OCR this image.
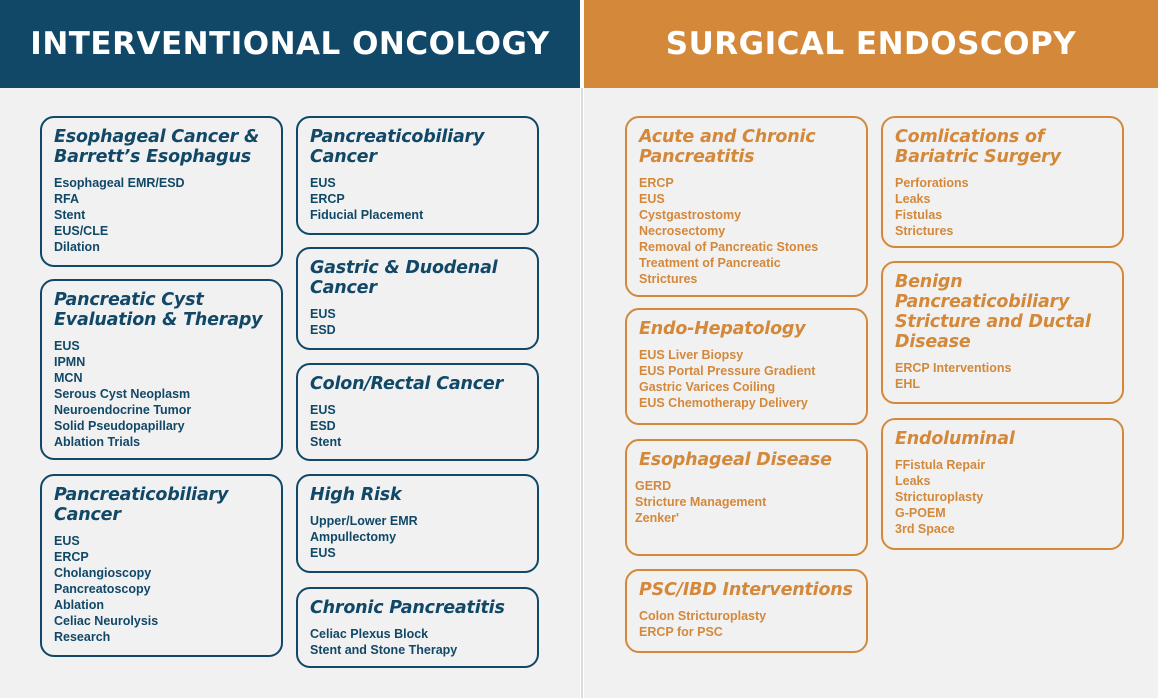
INTERVENTIONAL ONCOLOGY	SURGICAL ENDOSCOPY
Esophageal Cancer & Barrett’s Esophagus
Esophageal EMR/ESD
RFA
Stent
EUS/CLE
Dilation
Pancreatic Cyst Evaluation & Therapy
EUS
IPMN
MCN
Serous Cyst Neoplasm
Neuroendocrine Tumor
Solid Pseudopapillary
Ablation Trials
Pancreaticobiliary Cancer
EUS
ERCP
Cholangioscopy
Pancreatoscopy
Ablation
Celiac Neurolysis
Research
Pancreaticobiliary Cancer
EUS
ERCP
Fiducial Placement
Gastric & Duodenal Cancer
EUS
ESD
Colon/Rectal Cancer
EUS
ESD
Stent
High Risk
Upper/Lower EMR
Ampullectomy
EUS
Chronic Pancreatitis
Celiac Plexus Block
Stent and Stone Therapy
Acute and Chronic Pancreatitis
ERCP
EUS
Cystgastrostomy
Necrosectomy
Removal of Pancreatic Stones
Treatment of Pancreatic
Strictures
Endo-Hepatology
EUS Liver Biopsy
EUS Portal Pressure Gradient
Gastric Varices Coiling
EUS Chemotherapy Delivery
Esophageal Disease
GERD
Stricture Management
Zenker'
PSC/IBD Interventions
Colon Stricturoplasty
ERCP for PSC
Comlications of Bariatric Surgery
Perforations
Leaks
Fistulas
Strictures
Benign Pancreaticobiliary Stricture and Ductal Disease
ERCP Interventions
EHL
Endoluminal
FFistula Repair
Leaks
Stricturoplasty
G-POEM
3rd Space
